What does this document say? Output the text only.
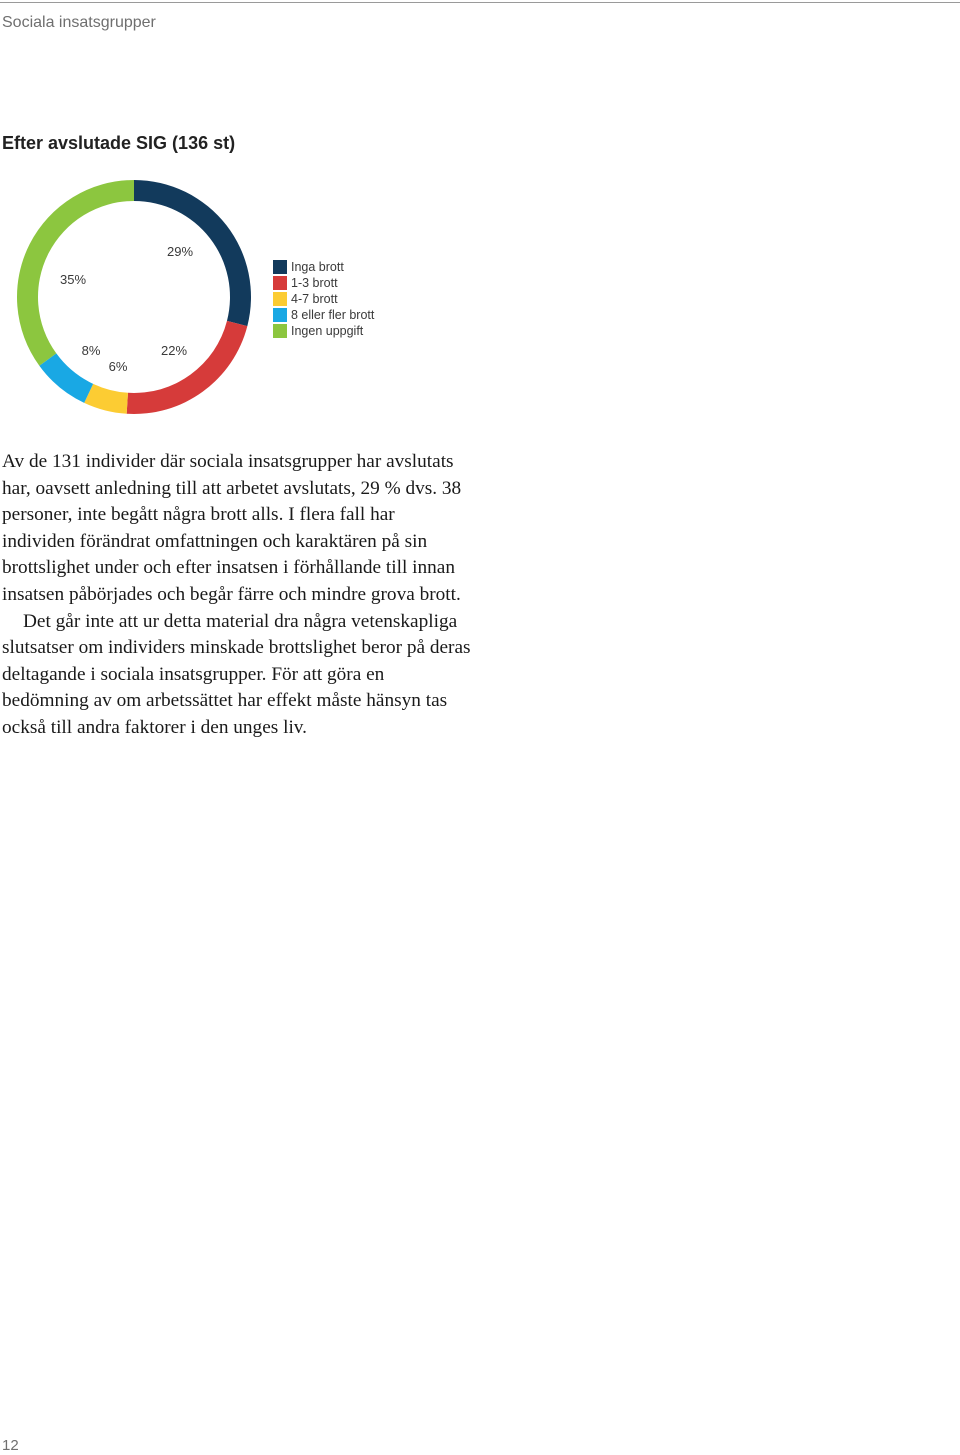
Sociala insatsgrupper
Efter avslutade SIG (136 st)
29%
22%
6%
8%
35%
Inga brott
1-3 brott
4-7 brott
8 eller fler brott
Ingen uppgift

Av de 131 individer där sociala insatsgrupper har avslutats har, oavsett anledning till att arbetet avslutats, 29 % dvs. 38 personer, inte begått några brott alls. I flera fall har individen förändrat omfattningen och karaktären på sin brottslighet under och efter insatsen i förhållande till innan insatsen påbörjades och begår färre och mindre grova brott.

Det går inte att ur detta material dra några vetenskapliga slutsatser om individers minskade brottslighet beror på deras deltagande i sociala insatsgrupper. För att göra en bedömning av om arbetssättet har effekt måste hänsyn tas också till andra faktorer i den unges liv.

12
